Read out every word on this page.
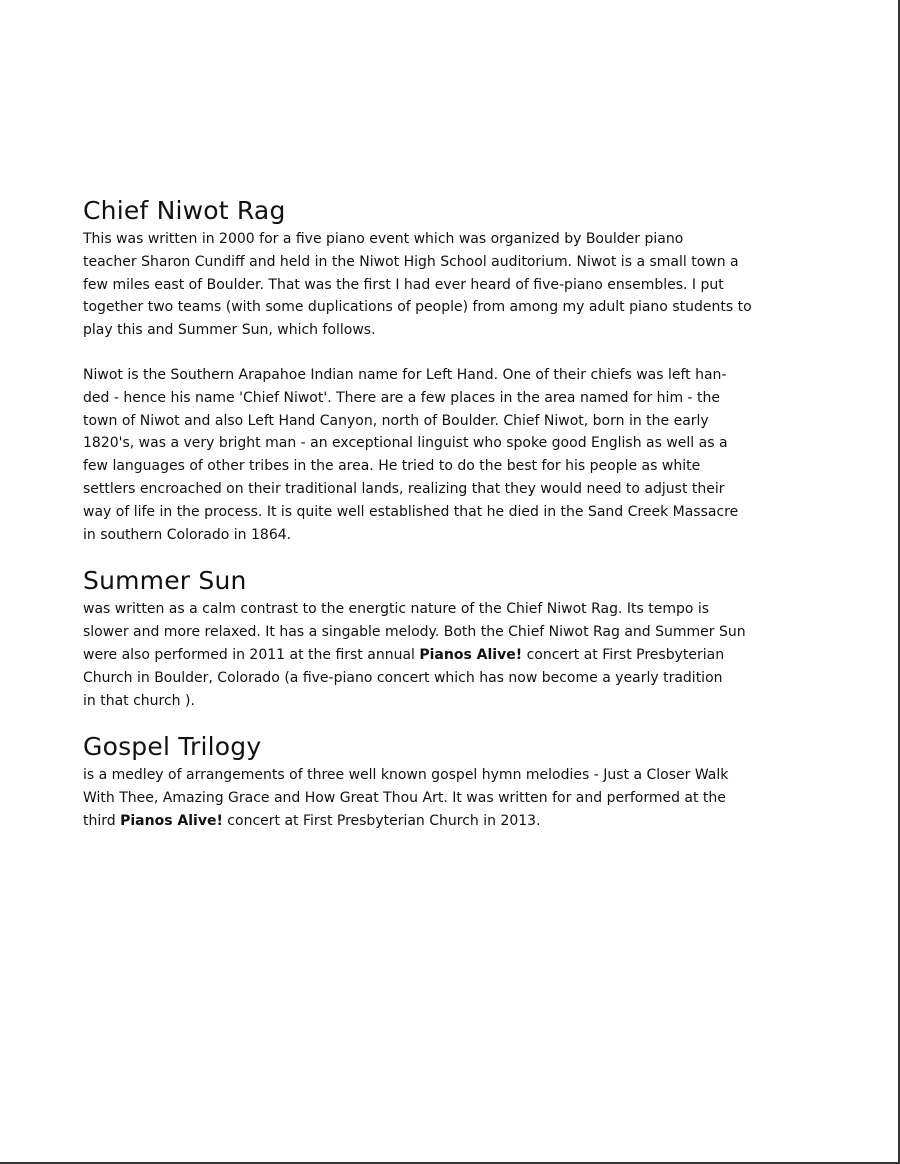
Chief Niwot Rag

This was written in 2000 for a five piano event which was organized by Boulder piano
teacher Sharon Cundiff and held in the Niwot High School auditorium. Niwot is a small town a
few miles east of Boulder. That was the first I had ever heard of five-piano ensembles. I put
together two teams (with some duplications of people) from among my adult piano students to
play this and Summer Sun, which follows.

Niwot is the Southern Arapahoe Indian name for Left Hand. One of their chiefs was left han-
ded - hence his name 'Chief Niwot'. There are a few places in the area named for him - the
town of Niwot and also Left Hand Canyon, north of Boulder. Chief Niwot, born in the early
1820's, was a very bright man - an exceptional linguist who spoke good English as well as a
few languages of other tribes in the area. He tried to do the best for his people as white
settlers encroached on their traditional lands, realizing that they would need to adjust their
way of life in the process. It is quite well established that he died in the Sand Creek Massacre
in southern Colorado in 1864.

Summer Sun

was written as a calm contrast to the energtic nature of the Chief Niwot Rag. Its tempo is
slower and more relaxed. It has a singable melody. Both the Chief Niwot Rag and Summer Sun
were also performed in 2011 at the first annual Pianos Alive! concert at First Presbyterian
Church in Boulder, Colorado (a five-piano concert which has now become a yearly tradition
in that church ).

Gospel Trilogy

is a medley of arrangements of three well known gospel hymn melodies - Just a Closer Walk
With Thee, Amazing Grace and How Great Thou Art. It was written for and performed at the
third Pianos Alive! concert at First Presbyterian Church in 2013.
